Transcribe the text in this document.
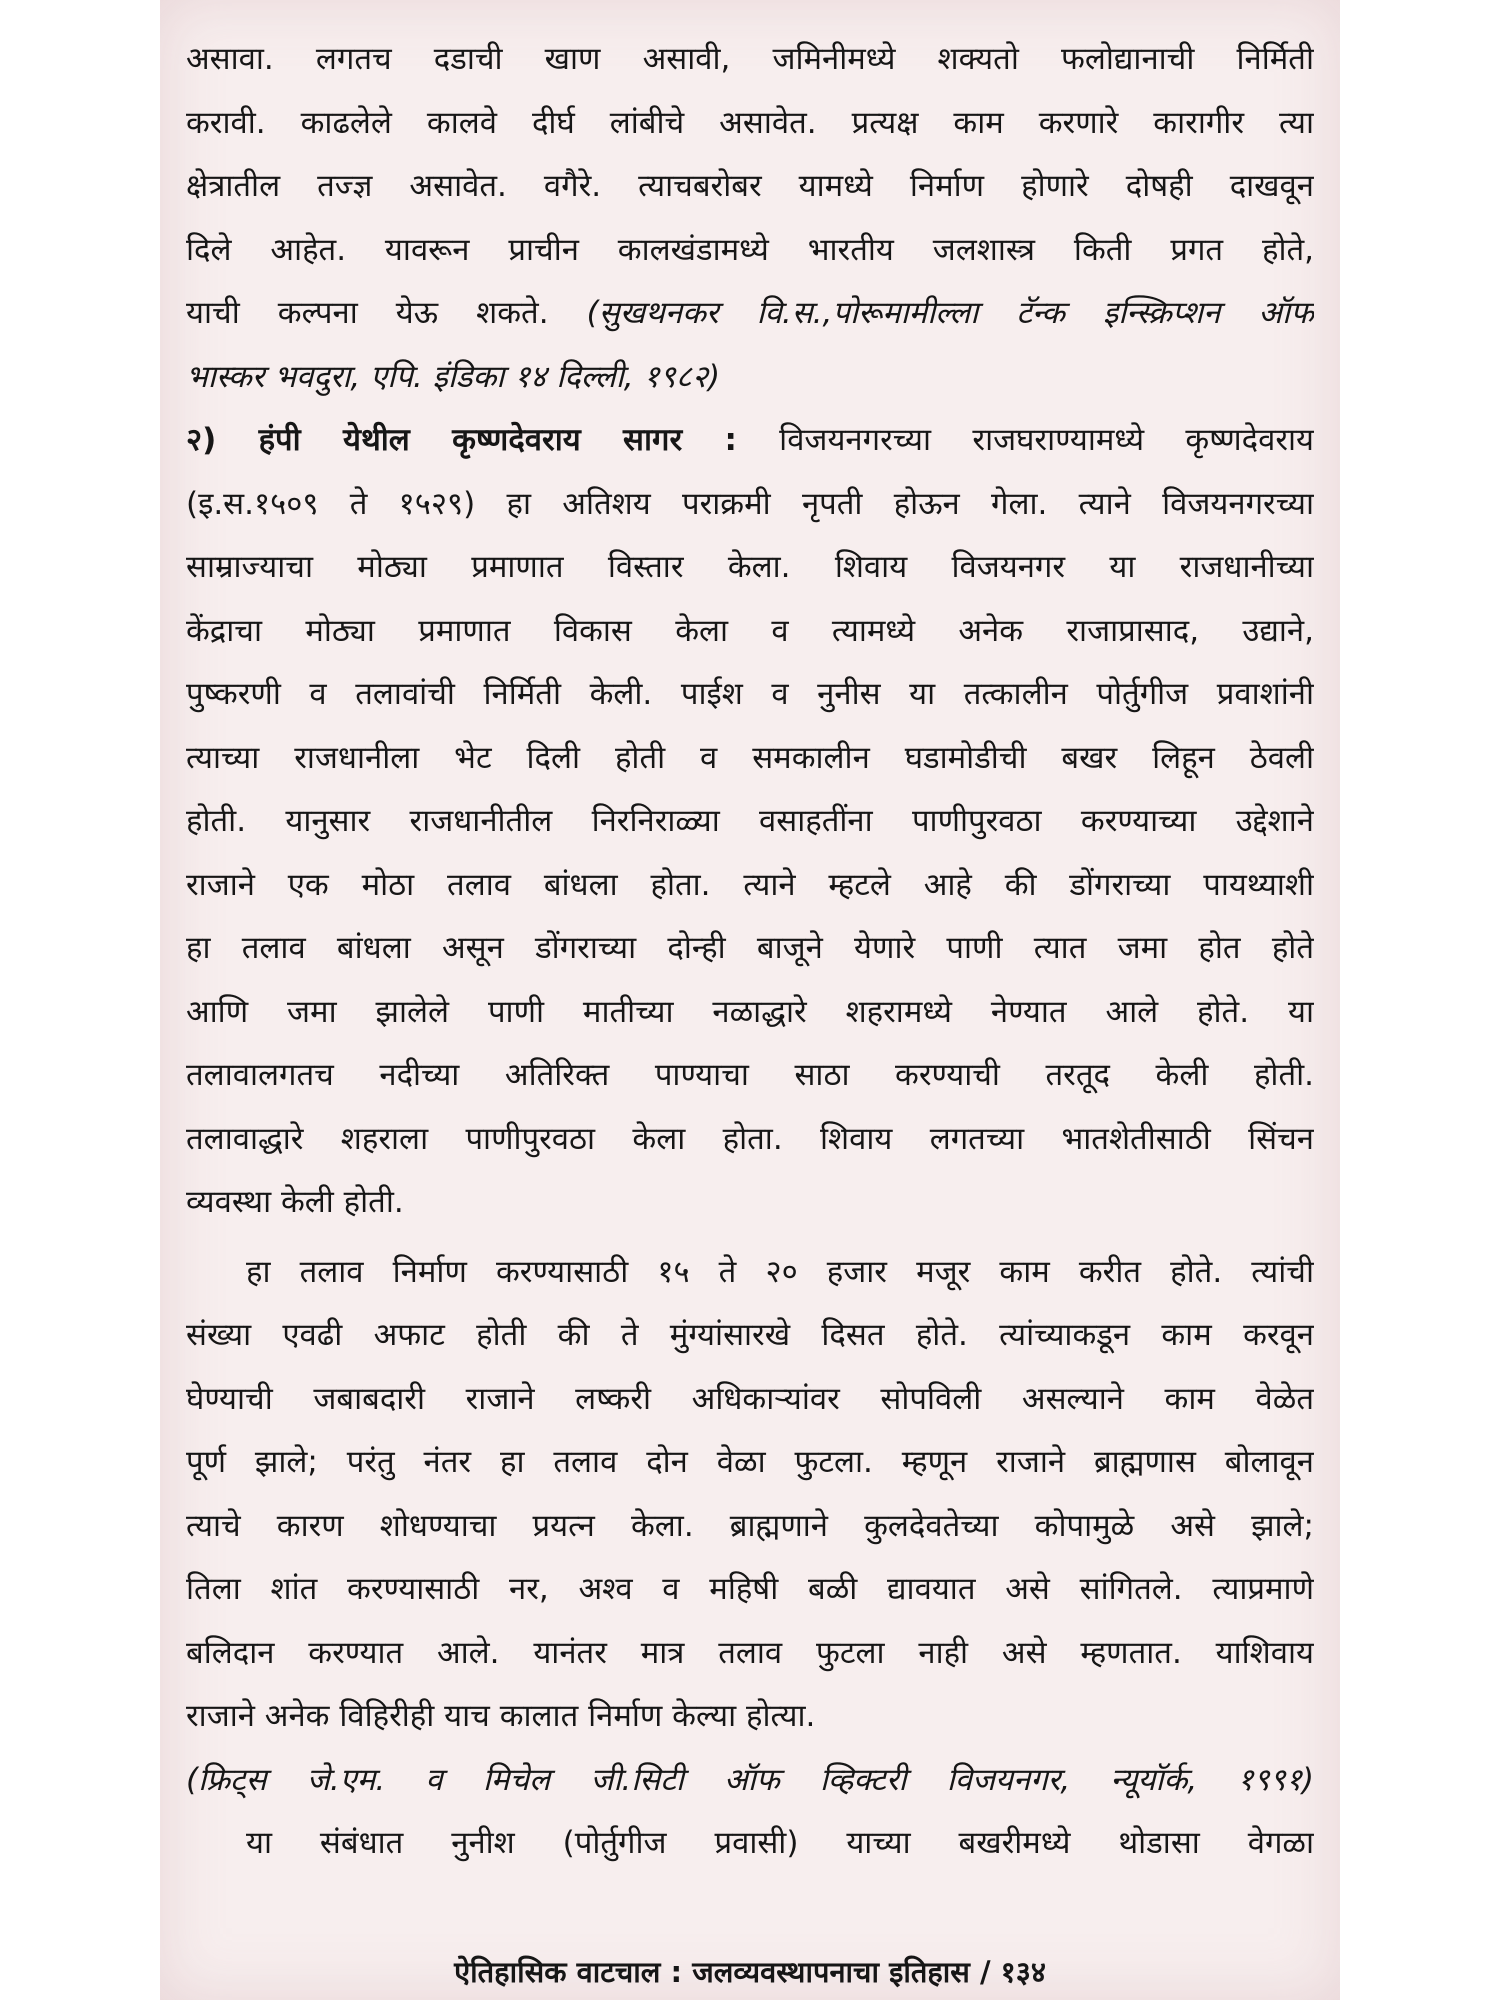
असावा. लगतच दडाची खाण असावी, जमिनीमध्ये शक्यतो फलोद्यानाची निर्मिती
करावी. काढलेले कालवे दीर्घ लांबीचे असावेत. प्रत्यक्ष काम करणारे कारागीर त्या
क्षेत्रातील तज्ज्ञ असावेत. वगैरे. त्याचबरोबर यामध्ये निर्माण होणारे दोषही दाखवून
दिले आहेत. यावरून प्राचीन कालखंडामध्ये भारतीय जलशास्त्र किती प्रगत होते,
याची कल्पना येऊ शकते. (सुखथनकर वि.स.,पोरूमामील्ला टॅन्क इन्स्क्रिप्शन ऑफ
भास्कर भवदुरा, एपि. इंडिका १४ दिल्ली, १९८२)
२) हंपी येथील कृष्णदेवराय सागर : विजयनगरच्या राजघराण्यामध्ये कृष्णदेवराय
(इ.स.१५०९ ते १५२९) हा अतिशय पराक्रमी नृपती होऊन गेला. त्याने विजयनगरच्या
साम्राज्याचा मोठ्या प्रमाणात विस्तार केला. शिवाय विजयनगर या राजधानीच्या
केंद्राचा मोठ्या प्रमाणात विकास केला व त्यामध्ये अनेक राजाप्रासाद, उद्याने,
पुष्करणी व तलावांची निर्मिती केली. पाईश व नुनीस या तत्कालीन पोर्तुगीज प्रवाशांनी
त्याच्या राजधानीला भेट दिली होती व समकालीन घडामोडीची बखर लिहून ठेवली
होती. यानुसार राजधानीतील निरनिराळ्या वसाहतींना पाणीपुरवठा करण्याच्या उद्देशाने
राजाने एक मोठा तलाव बांधला होता. त्याने म्हटले आहे की डोंगराच्या पायथ्याशी
हा तलाव बांधला असून डोंगराच्या दोन्ही बाजूने येणारे पाणी त्यात जमा होत होते
आणि जमा झालेले पाणी मातीच्या नळाद्धारे शहरामध्ये नेण्यात आले होते. या
तलावालगतच नदीच्या अतिरिक्त पाण्याचा साठा करण्याची तरतूद केली होती.
तलावाद्धारे शहराला पाणीपुरवठा केला होता. शिवाय लगतच्या भातशेतीसाठी सिंचन
व्यवस्था केली होती.
हा तलाव निर्माण करण्यासाठी १५ ते २० हजार मजूर काम करीत होते. त्यांची
संख्या एवढी अफाट होती की ते मुंग्यांसारखे दिसत होते. त्यांच्याकडून काम करवून
घेण्याची जबाबदारी राजाने लष्करी अधिकाऱ्यांवर सोपविली असल्याने काम वेळेत
पूर्ण झाले; परंतु नंतर हा तलाव दोन वेळा फुटला. म्हणून राजाने ब्राह्मणास बोलावून
त्याचे कारण शोधण्याचा प्रयत्न केला. ब्राह्मणाने कुलदेवतेच्या कोपामुळे असे झाले;
तिला शांत करण्यासाठी नर, अश्व व महिषी बळी द्यावयात असे सांगितले. त्याप्रमाणे
बलिदान करण्यात आले. यानंतर मात्र तलाव फुटला नाही असे म्हणतात. याशिवाय
राजाने अनेक विहिरीही याच कालात निर्माण केल्या होत्या.
(फ्रिट्स जे.एम. व मिचेल जी.सिटी ऑफ व्हिक्टरी विजयनगर, न्यूयॉर्क, १९९१)
या संबंधात नुनीश (पोर्तुगीज प्रवासी) याच्या बखरीमध्ये थोडासा वेगळा
ऐतिहासिक वाटचाल : जलव्यवस्थापनाचा इतिहास / १३४
